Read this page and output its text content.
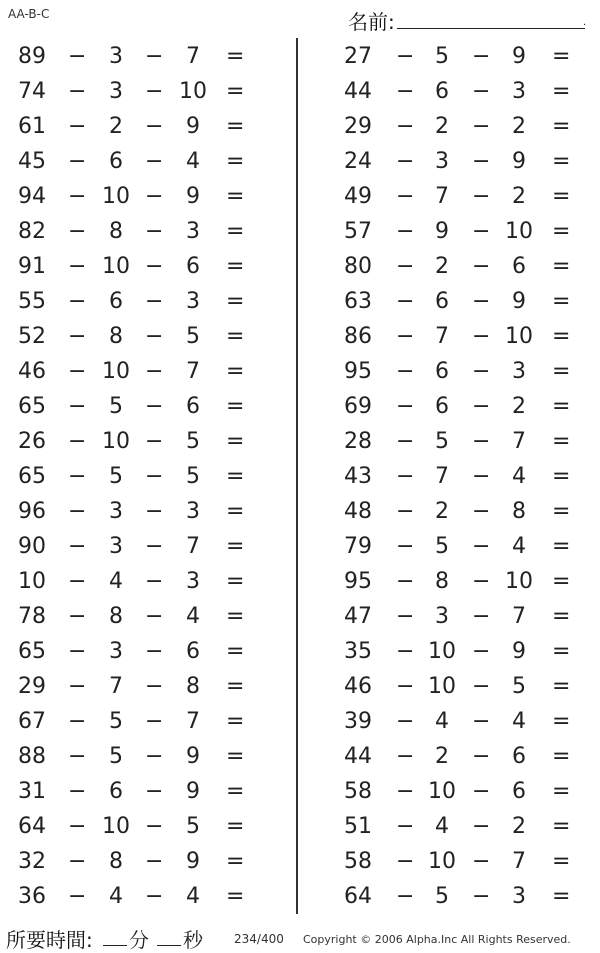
AA-B-C	名前:	.
89 −	3	−	7	=
74 −	3	− 10 =
61 −	2	−	9	=
45 −	6	−	4	=
94 − 10 −	9	=
82 −	8	−	3	=
91 − 10 −	6	=
55 −	6	−	3	=
52 −	8	−	5	=
46 − 10 −	7	=
65 −	5	−	6	=
26 − 10 −	5	=
65 −	5	−	5	=
96 −	3	−	3	=
90 −	3	−	7	=
10 −	4	−	3	=
78 −	8	−	4	=
65 −	3	−	6	=
29 −	7	−	8	=
67 −	5	−	7	=
88 −	5	−	9	=
31 −	6	−	9	=
64 − 10 −	5	=
32 −	8	−	9	=
36 −	4	−	4	=
27 − 5	− 9	=
44 − 6	− 3	=
29 − 2	− 2	=
24 − 3	− 9	=
49 − 7	− 2	=
57 − 9	− 10 =
80 − 2	− 6	=
63 − 6	− 9	=
86 − 7	− 10 =
95 − 6	− 3	=
69 − 6	− 2	=
28 − 5	− 7	=
43 − 7	− 4	=
48 − 2	− 8	=
79 − 5	− 4	=
95 − 8	− 10 =
47 − 3	− 7	=
35 − 10 − 9	=
46 − 10 − 5	=
39 − 4	− 4	=
44 − 2	− 6	=
58 − 10 − 6	=
51 − 4	− 2	=
58 − 10 − 7	=
64 − 5	− 3	=
所要時間: 分 秒	234/400 Copyright © 2006 Alpha.Inc All Rights Reserved.
